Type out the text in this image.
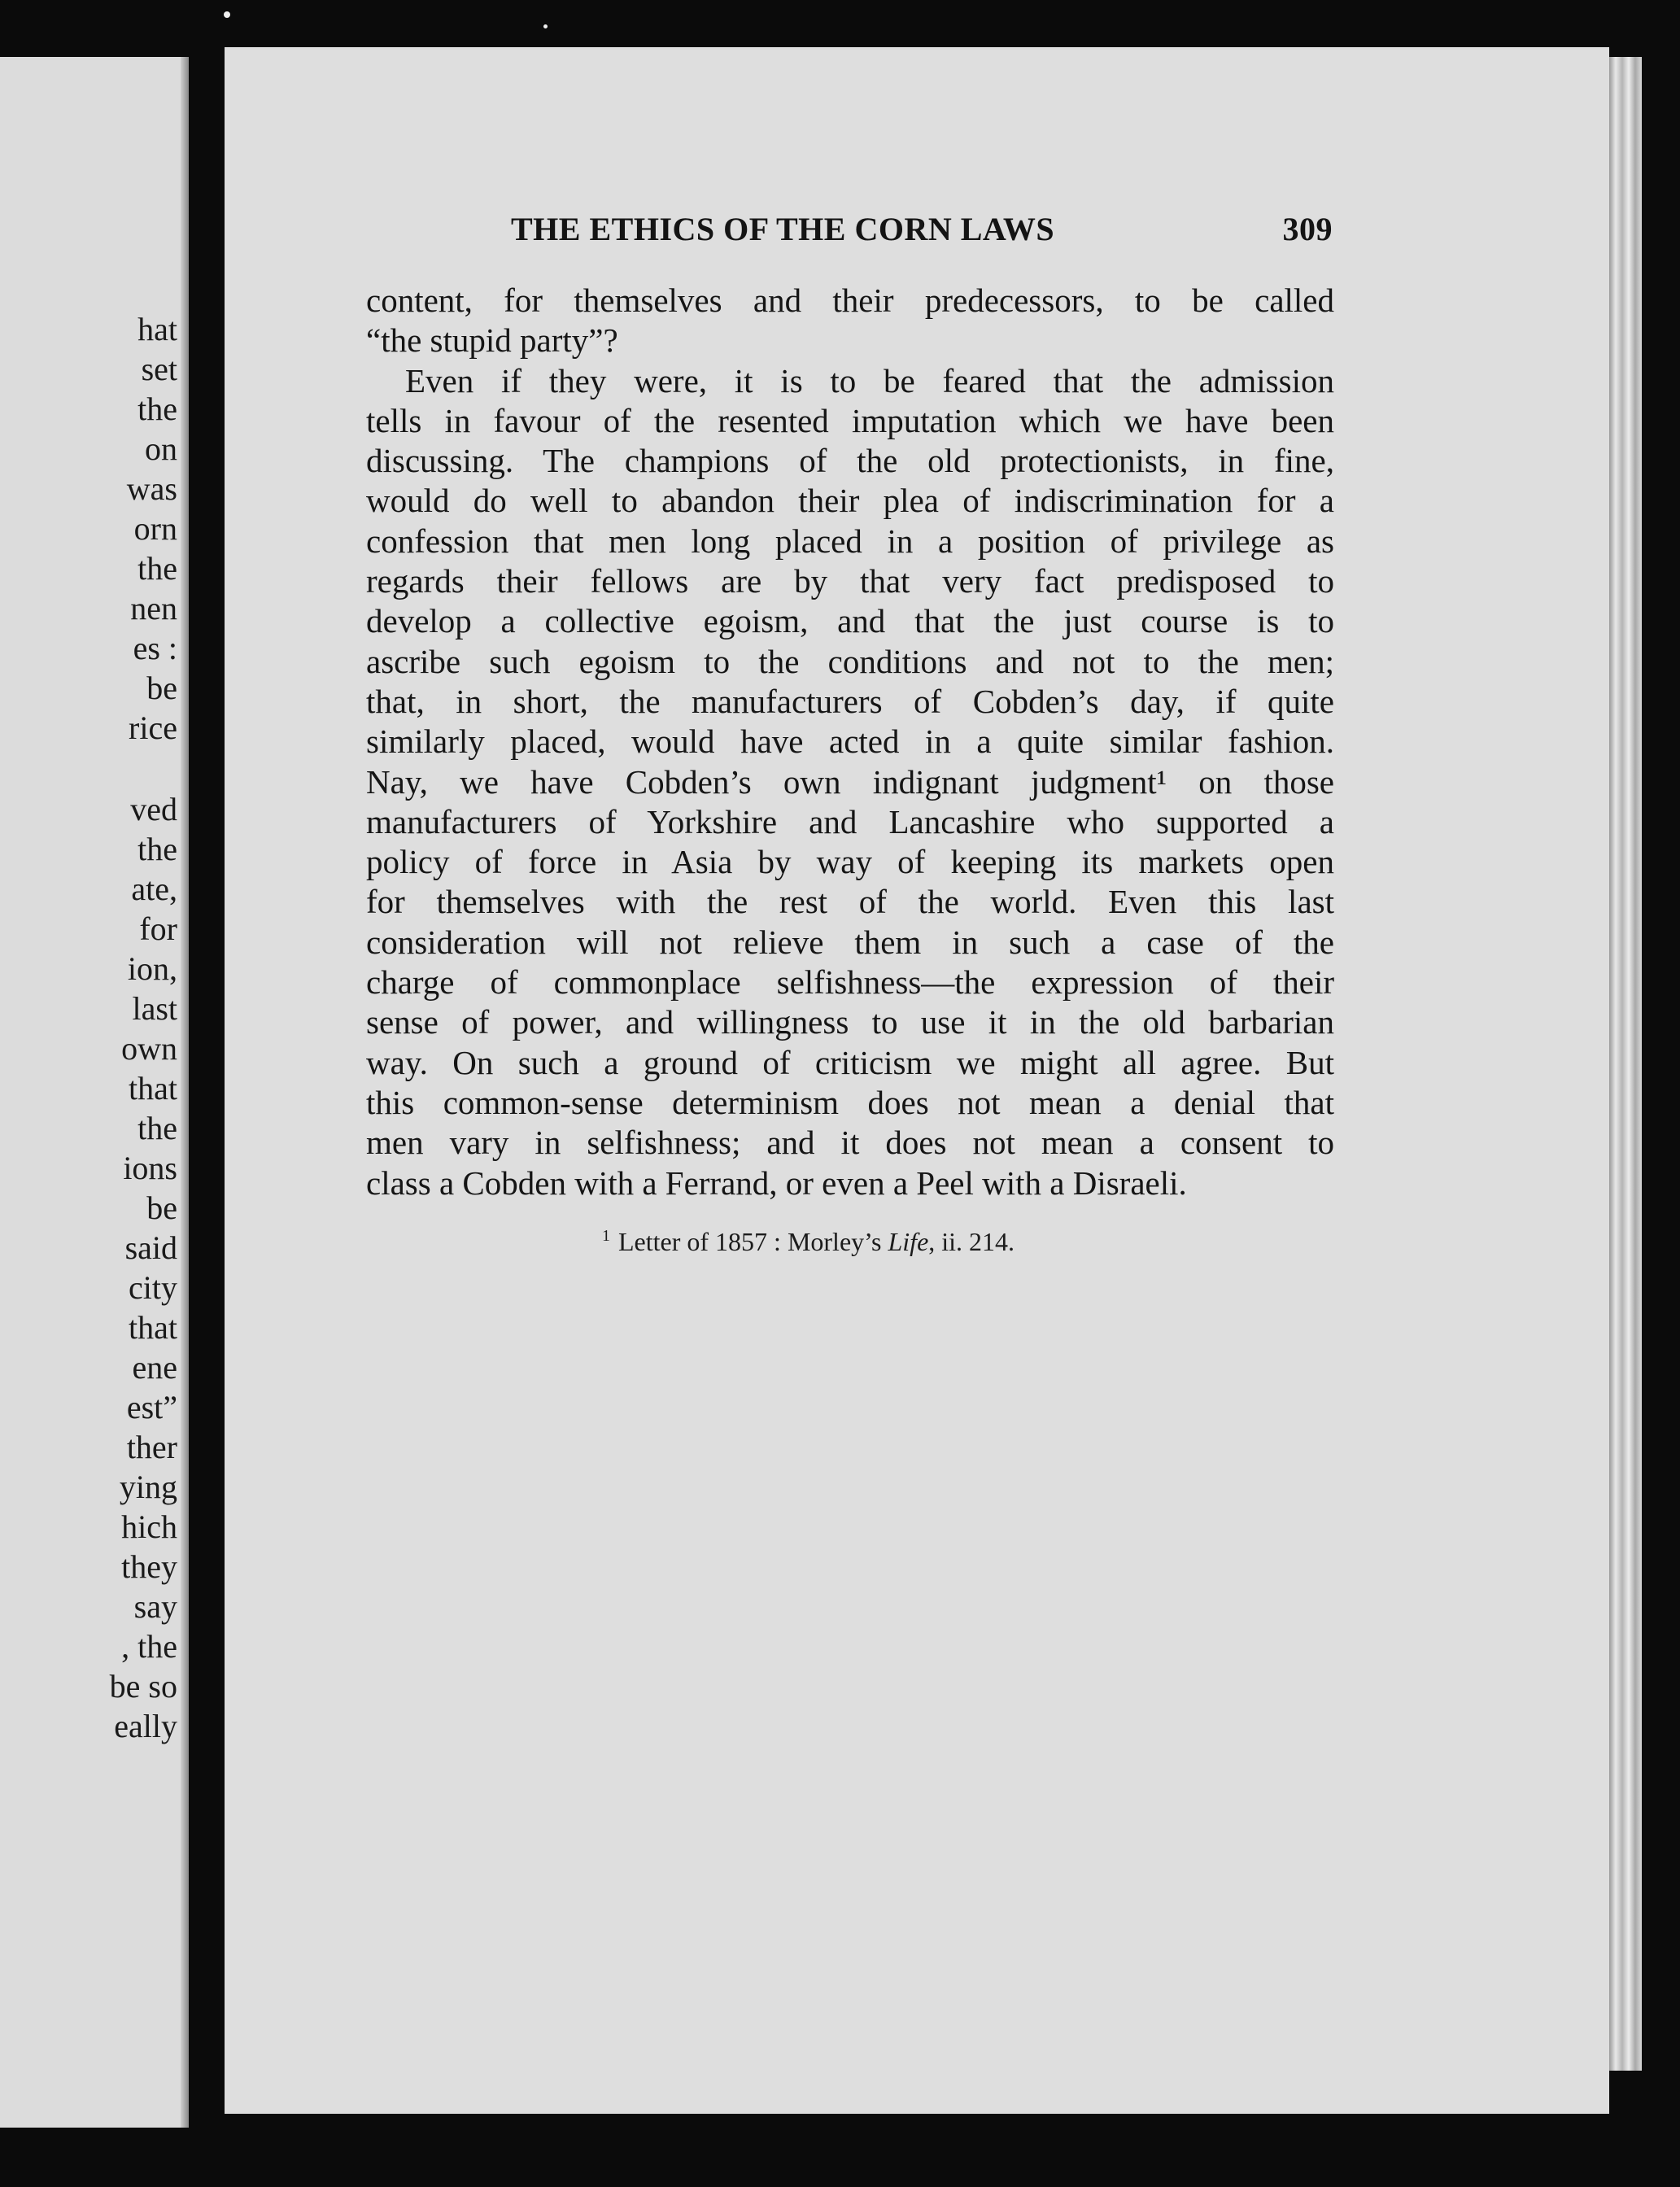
hat
set
the
on
was
orn
the
nen
es :
be
rice
ved
the
ate,
for
ion,
last
own
that
the
ions
be
said
city
that
ene
est”
ther
ying
hich
they
say
, the
be so
eally
THE ETHICS OF THE CORN LAWS	309
content, for themselves and their predecessors, to be called
“the stupid party”?
Even if they were, it is to be feared that the admission
tells in favour of the resented imputation which we have been
discussing. The champions of the old protectionists, in fine,
would do well to abandon their plea of indiscrimination for a
confession that men long placed in a position of privilege as
regards their fellows are by that very fact predisposed to
develop a collective egoism, and that the just course is to
ascribe such egoism to the conditions and not to the men;
that, in short, the manufacturers of Cobden’s day, if quite
similarly placed, would have acted in a quite similar fashion.
Nay, we have Cobden’s own indignant judgment¹ on those
manufacturers of Yorkshire and Lancashire who supported a
policy of force in Asia by way of keeping its markets open
for themselves with the rest of the world. Even this last
consideration will not relieve them in such a case of the
charge of commonplace selfishness—the expression of their
sense of power, and willingness to use it in the old barbarian
way. On such a ground of criticism we might all agree. But
this common-sense determinism does not mean a denial that
men vary in selfishness; and it does not mean a consent to
class a Cobden with a Ferrand, or even a Peel with a Disraeli.
$^1$ Letter of 1857 : Morley’s Life, ii. 214.
